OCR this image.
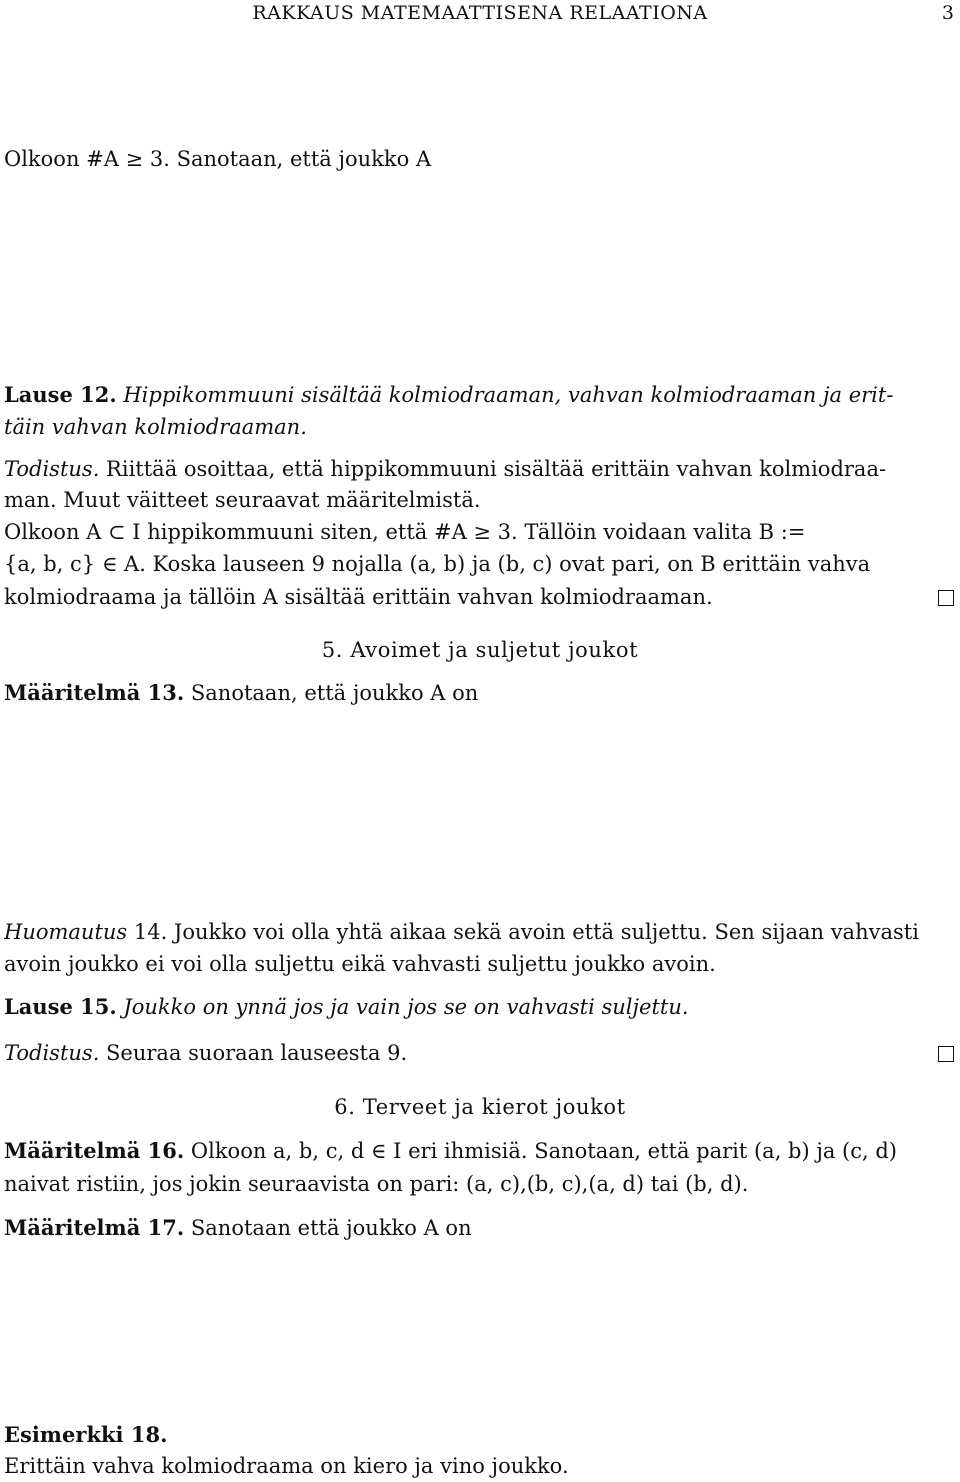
RAKKAUS MATEMAATTISENA RELAATIONA	3
Olkoon #A ≥ 3. Sanotaan, että joukko A
Lause 12. Hippikommuuni sisältää kolmiodraaman, vahvan kolmiodraaman ja erit-
täin vahvan kolmiodraaman.
Todistus. Riittää osoittaa, että hippikommuuni sisältää erittäin vahvan kolmiodraa-
man. Muut väitteet seuraavat määritelmistä.
Olkoon A ⊂ I hippikommuuni siten, että #A ≥ 3. Tällöin voidaan valita B :=
{a, b, c} ∈ A. Koska lauseen 9 nojalla (a, b) ja (b, c) ovat pari, on B erittäin vahva
kolmiodraama ja tällöin A sisältää erittäin vahvan kolmiodraaman.
5. Avoimet ja suljetut joukot
Määritelmä 13. Sanotaan, että joukko A on
Huomautus 14. Joukko voi olla yhtä aikaa sekä avoin että suljettu. Sen sijaan vahvasti
avoin joukko ei voi olla suljettu eikä vahvasti suljettu joukko avoin.
Lause 15. Joukko on ynnä jos ja vain jos se on vahvasti suljettu.
Todistus. Seuraa suoraan lauseesta 9.
6. Terveet ja kierot joukot
Määritelmä 16. Olkoon a, b, c, d ∈ I eri ihmisiä. Sanotaan, että parit (a, b) ja (c, d)
naivat ristiin, jos jokin seuraavista on pari: (a, c),(b, c),(a, d) tai (b, d).
Määritelmä 17. Sanotaan että joukko A on
Esimerkki 18.
Erittäin vahva kolmiodraama on kiero ja vino joukko.
